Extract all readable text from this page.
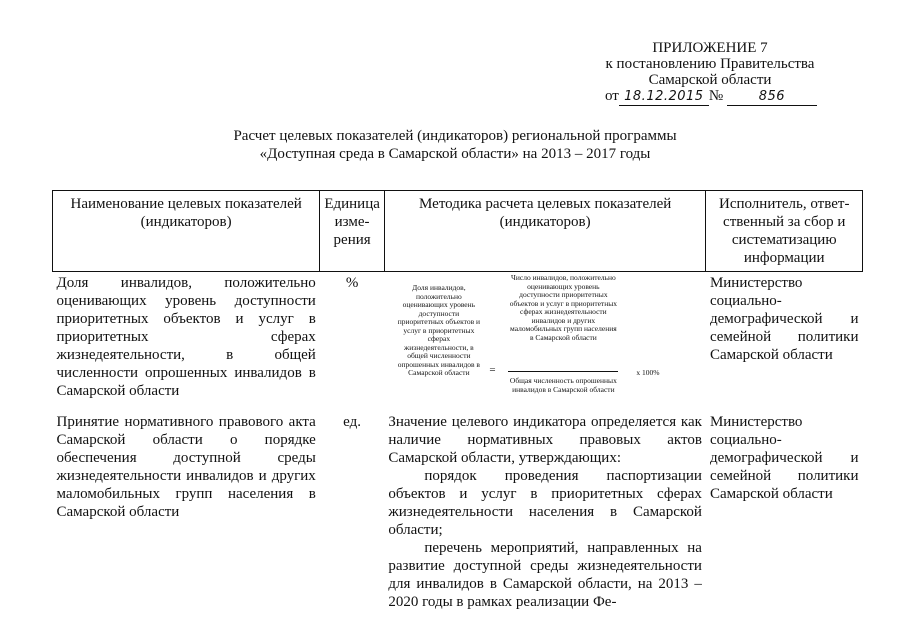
ПРИЛОЖЕНИЕ 7
к постановлению Правительства
Самарской области
от 18.12.2015 №	856
Расчет целевых показателей (индикаторов) региональной программы
«Доступная среда в Самарской области» на 2013 – 2017 годы
Наименование целевых показателей (индикаторов)	Единица изме-рения	Методика расчета целевых показателей (индикаторов)	Исполнитель, ответ-ственный за сбор и систематизацию информации
Доля инвалидов, положительно оценивающих уровень доступности приоритетных объектов и услуг в приоритетных сферах жизнедеятельности, в общей численности опрошенных инвалидов в Самарской области	%	Доля инвалидов, положительно оценивающих уровень доступности приоритетных объектов и услуг в приоритетных сферах жизнедеятельности, в общей численности опрошенных инвалидов в Самарской области =
Число инвалидов, положительно оценивающих уровень доступности приоритетных объектов и услуг в приоритетных сферах жизнедеятельности инвалидов и других маломобильных групп населения в Самарской области
Общая численность опрошенных инвалидов в Самарской области
х 100%	Министерство социально-демографической и семейной политики Самарской области
Принятие нормативного правового акта Самарской области о порядке обеспечения доступной среды жизнедеятельности инвалидов и других маломобильных групп населения в Самарской области	ед.	Значение целевого индикатора определяется как наличие нормативных правовых актов Самарской области, утверждающих:
порядок проведения паспортизации объектов и услуг в приоритетных сферах жизнедеятельности населения в Самарской области;
перечень мероприятий, направленных на развитие доступной среды жизнедеятельности для инвалидов в Самарской области, на 2013 – 2020 годы в рамках реализации Фе-	Министерство социально-демографической и семейной политики Самарской области
